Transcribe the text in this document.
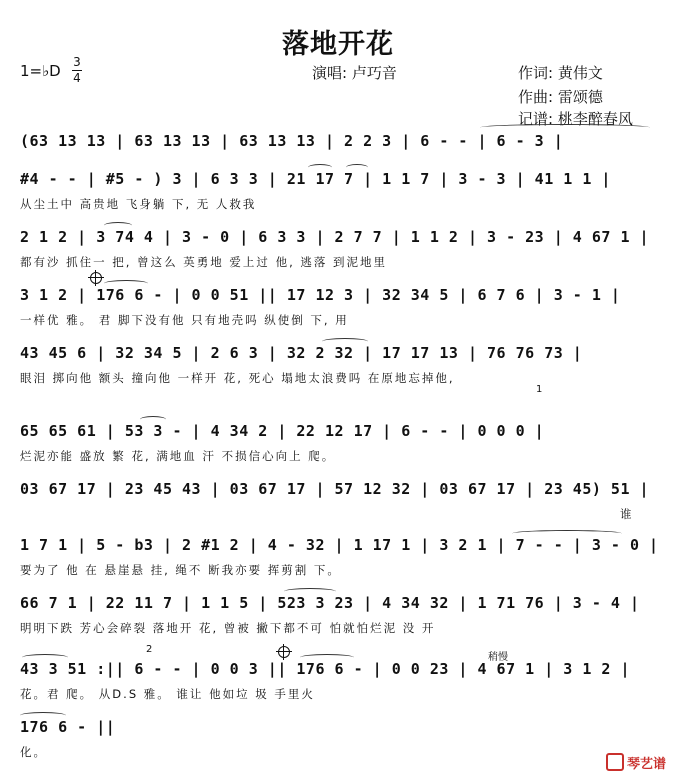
落地开花
1=♭D 3
4	演唱: 卢巧音	作词: 黄伟文
作曲: 雷颂德
记谱: 桃李醉春风
(63 13 13 | 63 13 13 | 63 13 13 | 2 2 3 | 6 - - | 6 - 3 |
#4 - - | #5 - ) 3 | 6 3 3 | 21 17 7 | 1 1 7 | 3 - 3 | 41 1 1 |
从尘土中 高贵地 飞身躺 下, 无 人救我
2 1 2 | 3 74 4 | 3 - 0 | 6 3 3 | 2 7 7 | 1 1 2 | 3 - 23 | 4 67 1 |
都有沙 抓住一 把, 曾这么 英勇地 爱上过 他, 逃落 到泥地里
3 1 2 | 176 6 - | 0 0 51 || 17 12 3 | 32 34 5 | 6 7 6 | 3 - 1 |
一样优 雅。 君 脚下没有他 只有地壳吗 纵使倒 下, 用
43 45 6 | 32 34 5 | 2 6 3 | 32 2 32 | 17 17 13 | 76 76 73 |
眼泪 掷向他 额头 撞向他 一样开 花, 死心 塌地太浪费吗 在原地忘掉他,
65 65 61 | 53 3 - | 4 34 2 | 22 12 17 | 6 - - | 0 0 0 |
烂泥亦能 盛放 繁 花, 满地血 汗 不损信心向上 爬。
03 67 17 | 23 45 43 | 03 67 17 | 57 12 32 | 03 67 17 | 23 45) 51 |
谁
1 7 1 | 5 - b3 | 2 #1 2 | 4 - 32 | 1 17 1 | 3 2 1 | 7 - - | 3 - 0 |
要为了 他 在 悬崖悬 挂, 绳不 断我亦要 挥剪割 下。
66 7 1 | 22 11 7 | 1 1 5 | 523 3 23 | 4 34 32 | 1 71 76 | 3 - 4 |
明明下跌 芳心会碎裂 落地开 花, 曾被 撇下都不可 怕就怕烂泥 没 开
43 3 51 :|| 6 - - | 0 0 3 || 176 6 - | 0 0 23 | 4 67 1 | 3 1 2 |
花。君 爬。 从D.S 雅。 谁让 他如垃 圾 手里火
176 6 - ||
化。
1
2
稍慢
琴艺谱
